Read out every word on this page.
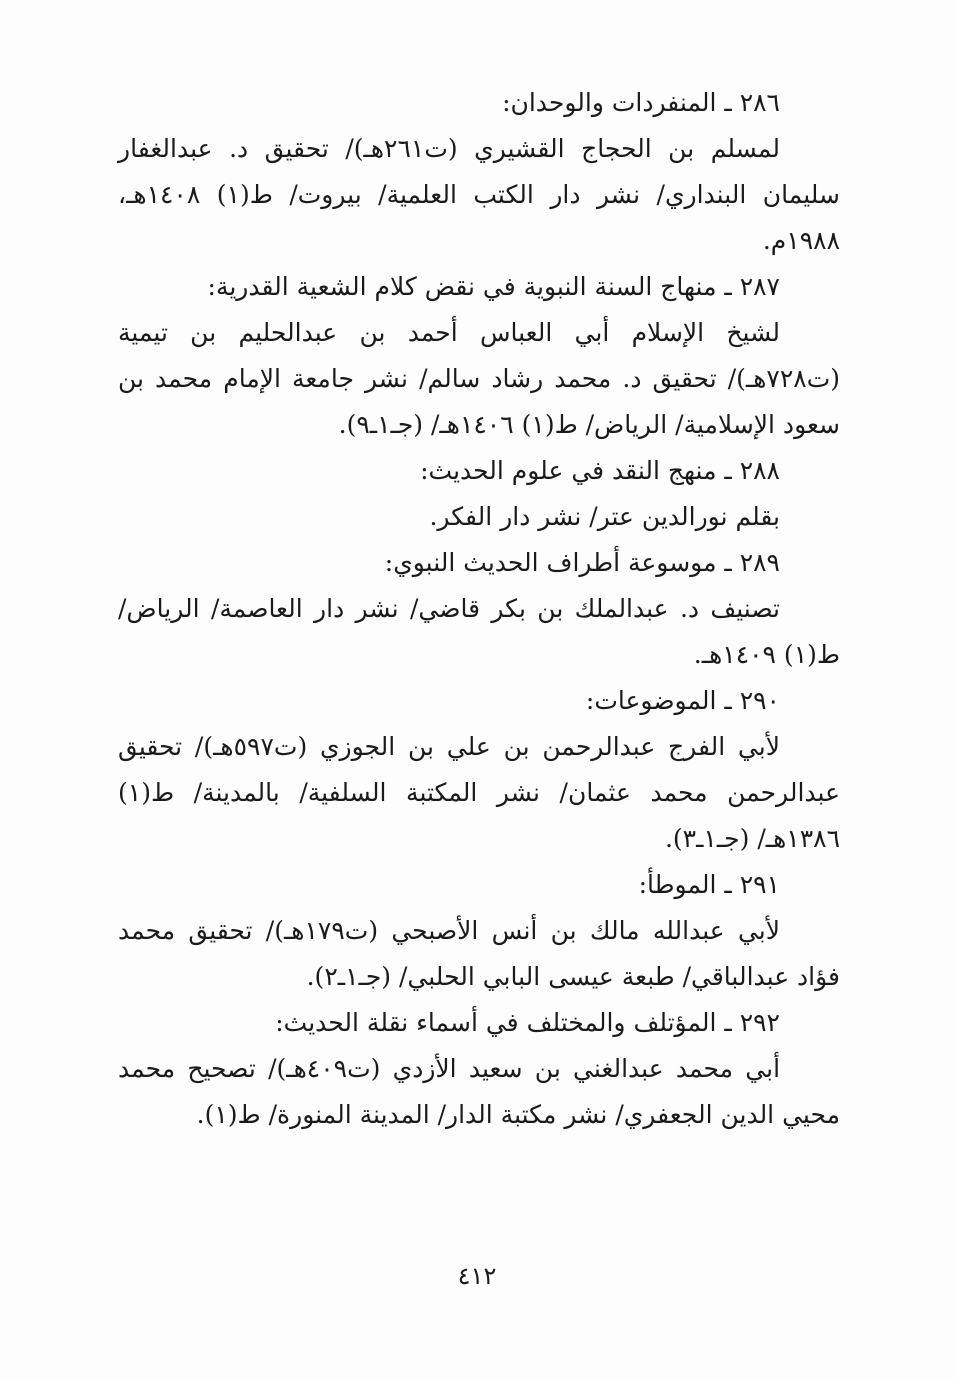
٢٨٦ ـ المنفردات والوحدان:
لمسلم بن الحجاج القشيري (ت٢٦١هـ)/ تحقيق د. عبدالغفار سليمان البنداري/ نشر دار الكتب العلمية/ بيروت/ ط(١) ١٤٠٨هـ، ١٩٨٨م.
٢٨٧ ـ منهاج السنة النبوية في نقض كلام الشعية القدرية:
لشيخ الإسلام أبي العباس أحمد بن عبدالحليم بن تيمية (ت٧٢٨هـ)/ تحقيق د. محمد رشاد سالم/ نشر جامعة الإمام محمد بن سعود الإسلامية/ الرياض/ ط(١) ١٤٠٦هـ/ (جـ١ـ٩).
٢٨٨ ـ منهج النقد في علوم الحديث:
بقلم نورالدين عتر/ نشر دار الفكر.
٢٨٩ ـ موسوعة أطراف الحديث النبوي:
تصنيف د. عبدالملك بن بكر قاضي/ نشر دار العاصمة/ الرياض/ ط(١) ١٤٠٩هـ.
٢٩٠ ـ الموضوعات:
لأبي الفرج عبدالرحمن بن علي بن الجوزي (ت٥٩٧هـ)/ تحقيق عبدالرحمن محمد عثمان/ نشر المكتبة السلفية/ بالمدينة/ ط(١) ١٣٨٦هـ/ (جـ١ـ٣).
٢٩١ ـ الموطأ:
لأبي عبدالله مالك بن أنس الأصبحي (ت١٧٩هـ)/ تحقيق محمد فؤاد عبدالباقي/ طبعة عيسى البابي الحلبي/ (جـ١ـ٢).
٢٩٢ ـ المؤتلف والمختلف في أسماء نقلة الحديث:
أبي محمد عبدالغني بن سعيد الأزدي (ت٤٠٩هـ)/ تصحيح محمد محيي الدين الجعفري/ نشر مكتبة الدار/ المدينة المنورة/ ط(١).
٤١٢
